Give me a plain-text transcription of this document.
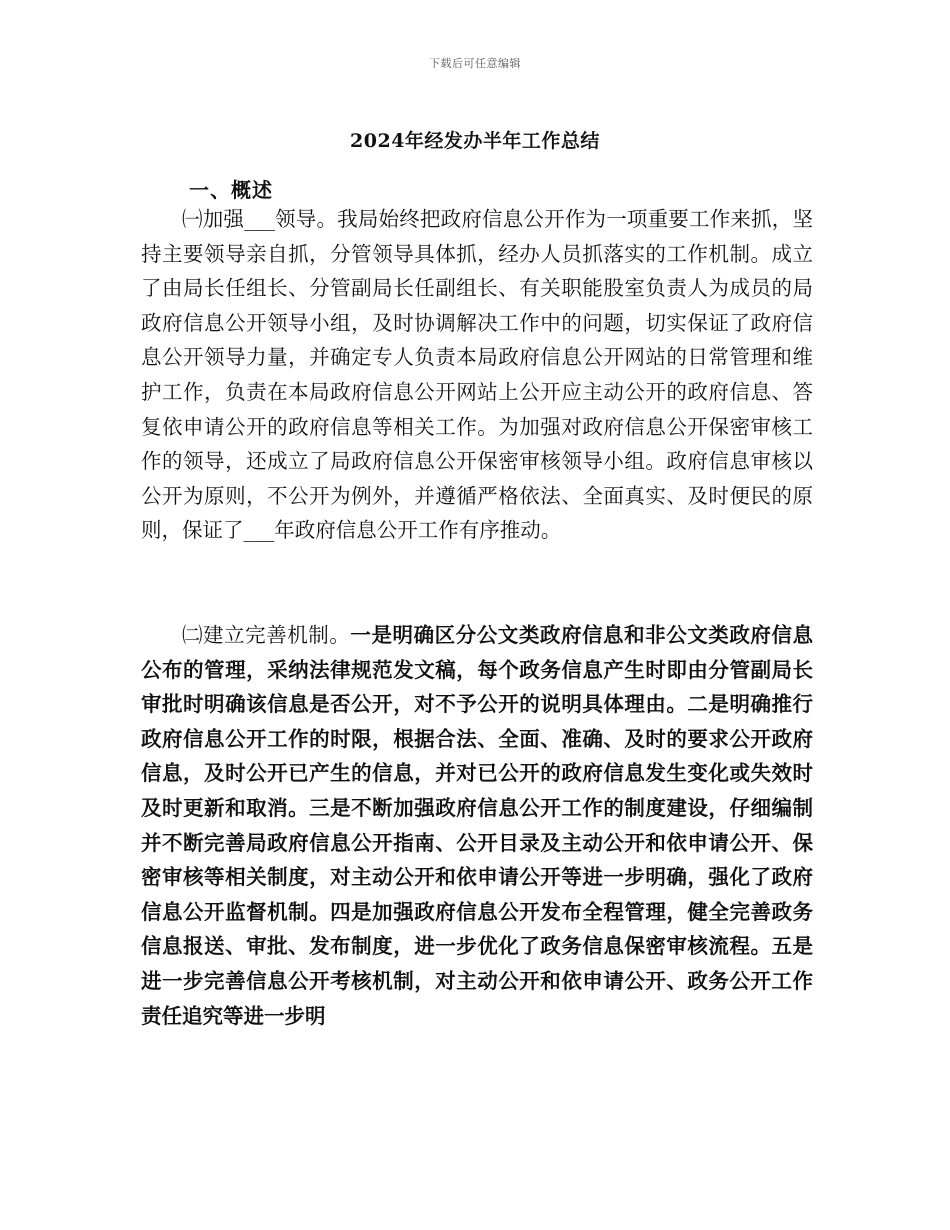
下载后可任意编辑
2024年经发办半年工作总结
一、概述

㈠加强___领导。我局始终把政府信息公开作为一项重要工作来抓，坚持主要领导亲自抓，分管领导具体抓，经办人员抓落实的工作机制。成立了由局长任组长、分管副局长任副组长、有关职能股室负责人为成员的局政府信息公开领导小组，及时协调解决工作中的问题，切实保证了政府信息公开领导力量，并确定专人负责本局政府信息公开网站的日常管理和维护工作，负责在本局政府信息公开网站上公开应主动公开的政府信息、答复依申请公开的政府信息等相关工作。为加强对政府信息公开保密审核工作的领导，还成立了局政府信息公开保密审核领导小组。政府信息审核以公开为原则，不公开为例外，并遵循严格依法、全面真实、及时便民的原则，保证了___年政府信息公开工作有序推动。

㈡建立完善机制。一是明确区分公文类政府信息和非公文类政府信息公布的管理，采纳法律规范发文稿，每个政务信息产生时即由分管副局长审批时明确该信息是否公开，对不予公开的说明具体理由。二是明确推行政府信息公开工作的时限，根据合法、全面、准确、及时的要求公开政府信息，及时公开已产生的信息，并对已公开的政府信息发生变化或失效时及时更新和取消。三是不断加强政府信息公开工作的制度建设，仔细编制并不断完善局政府信息公开指南、公开目录及主动公开和依申请公开、保密审核等相关制度，对主动公开和依申请公开等进一步明确，强化了政府信息公开监督机制。四是加强政府信息公开发布全程管理，健全完善政务信息报送、审批、发布制度，进一步优化了政务信息保密审核流程。五是进一步完善信息公开考核机制，对主动公开和依申请公开、政务公开工作责任追究等进一步明
